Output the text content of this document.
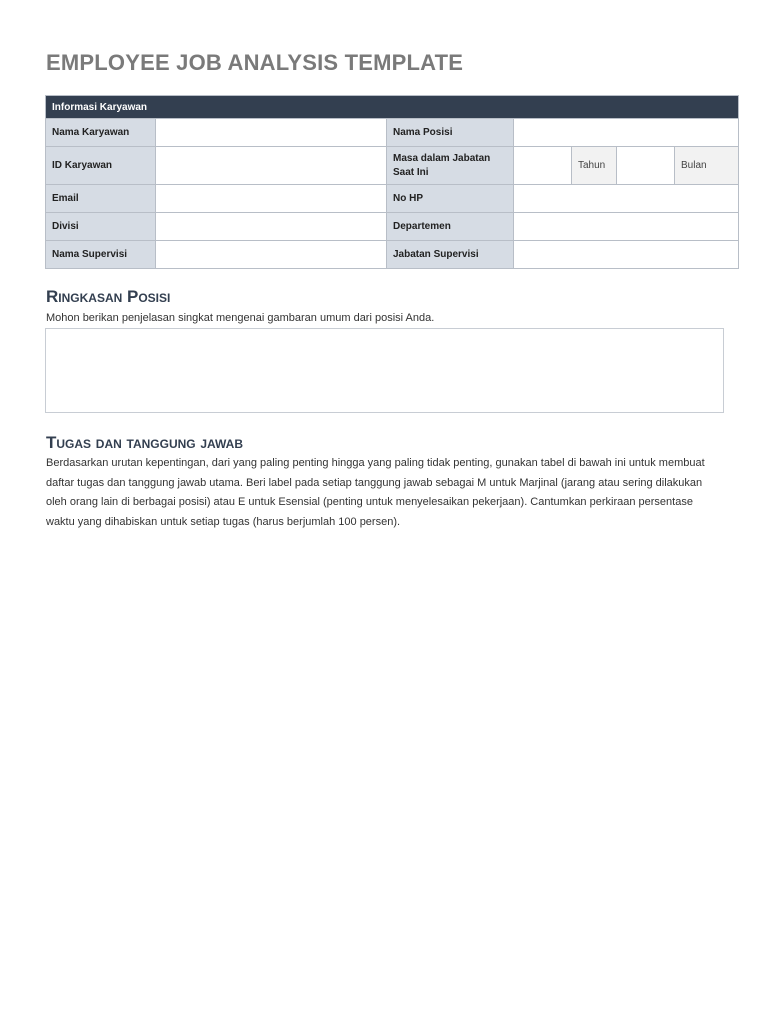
EMPLOYEE JOB ANALYSIS TEMPLATE
Informasi Karyawan						
Nama Karyawan		Nama Posisi				
ID Karyawan		Masa dalam Jabatan Saat Ini		Tahun		Bulan
Email		No HP				
Divisi		Departemen				
Nama Supervisi		Jabatan Supervisi				
Ringkasan Posisi
Mohon berikan penjelasan singkat mengenai gambaran umum dari posisi Anda.
Tugas dan tanggung jawab
Berdasarkan urutan kepentingan, dari yang paling penting hingga yang paling tidak penting, gunakan tabel di bawah ini untuk membuat daftar tugas dan tanggung jawab utama. Beri label pada setiap tanggung jawab sebagai M untuk Marjinal (jarang atau sering dilakukan oleh orang lain di berbagai posisi) atau E untuk Esensial (penting untuk menyelesaikan pekerjaan). Cantumkan perkiraan persentase waktu yang dihabiskan untuk setiap tugas (harus berjumlah 100 persen).
